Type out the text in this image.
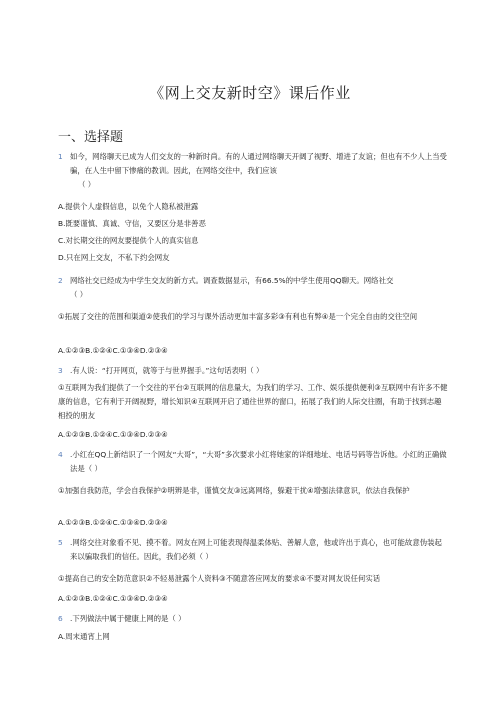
《网上交友新时空》课后作业
一、选择题
1 如今，网络聊天已成为人们交友的一种新时尚。有的人通过网络聊天开阔了视野、增进了友谊；但也有不少人上当受骗，在人生中留下惨痛的教训。因此，在网络交往中，我们应该
（ ）
A.提供个人虚假信息，以免个人隐私被泄露
B.既要谨慎、真诚、守信，又要区分是非善恶
C.对长期交往的网友要提供个人的真实信息
D.只在网上交友，不私下约会网友
2 网络社交已经成为中学生交友的新方式。调查数据显示，有66.5%的中学生使用QQ聊天。网络社交
（ ）
①拓展了交往的范围和渠道②使我们的学习与课外活动更加丰富多彩③有利也有弊④是一个完全自由的交往空间
A.①②③B.①②④C.①③④D.②③④
3 .有人说：“打开网页，就等于与世界握手。”这句话表明（ ）
①互联网为我们提供了一个交往的平台②互联网的信息量大，为我们的学习、工作、娱乐提供便利③互联网中有许多不健康的信息，它有利于开阔视野，增长知识④互联网开启了通往世界的窗口，拓展了我们的人际交往圈，有助于找到志趣相投的朋友
A.①②③B.①②④C.①③④D.②③④
4 .小红在QQ上新结识了一个网友“大哥”，“大哥”多次要求小红将她家的详细地址、电话号码等告诉他。小红的正确做法是（ ）
①加强自我防范，学会自我保护②明辨是非，谨慎交友③远离网络，躲避干扰④增强法律意识，依法自我保护
A.①②③B.①②④C.①③④D.②③④
5 .网络交往对象看不见、摸不着。网友在网上可能表现得温柔体贴、善解人意，他或许出于真心，也可能故意伪装起来以骗取我们的信任。因此，我们必须（ ）
①提高自己的安全防范意识②不轻易泄露个人资料③不随意答应网友的要求④不要对网友说任何实话
A.①②③B.①②④C.①③④D.②③④
6 .下列做法中属于健康上网的是（ ）
A.周末通宵上网
